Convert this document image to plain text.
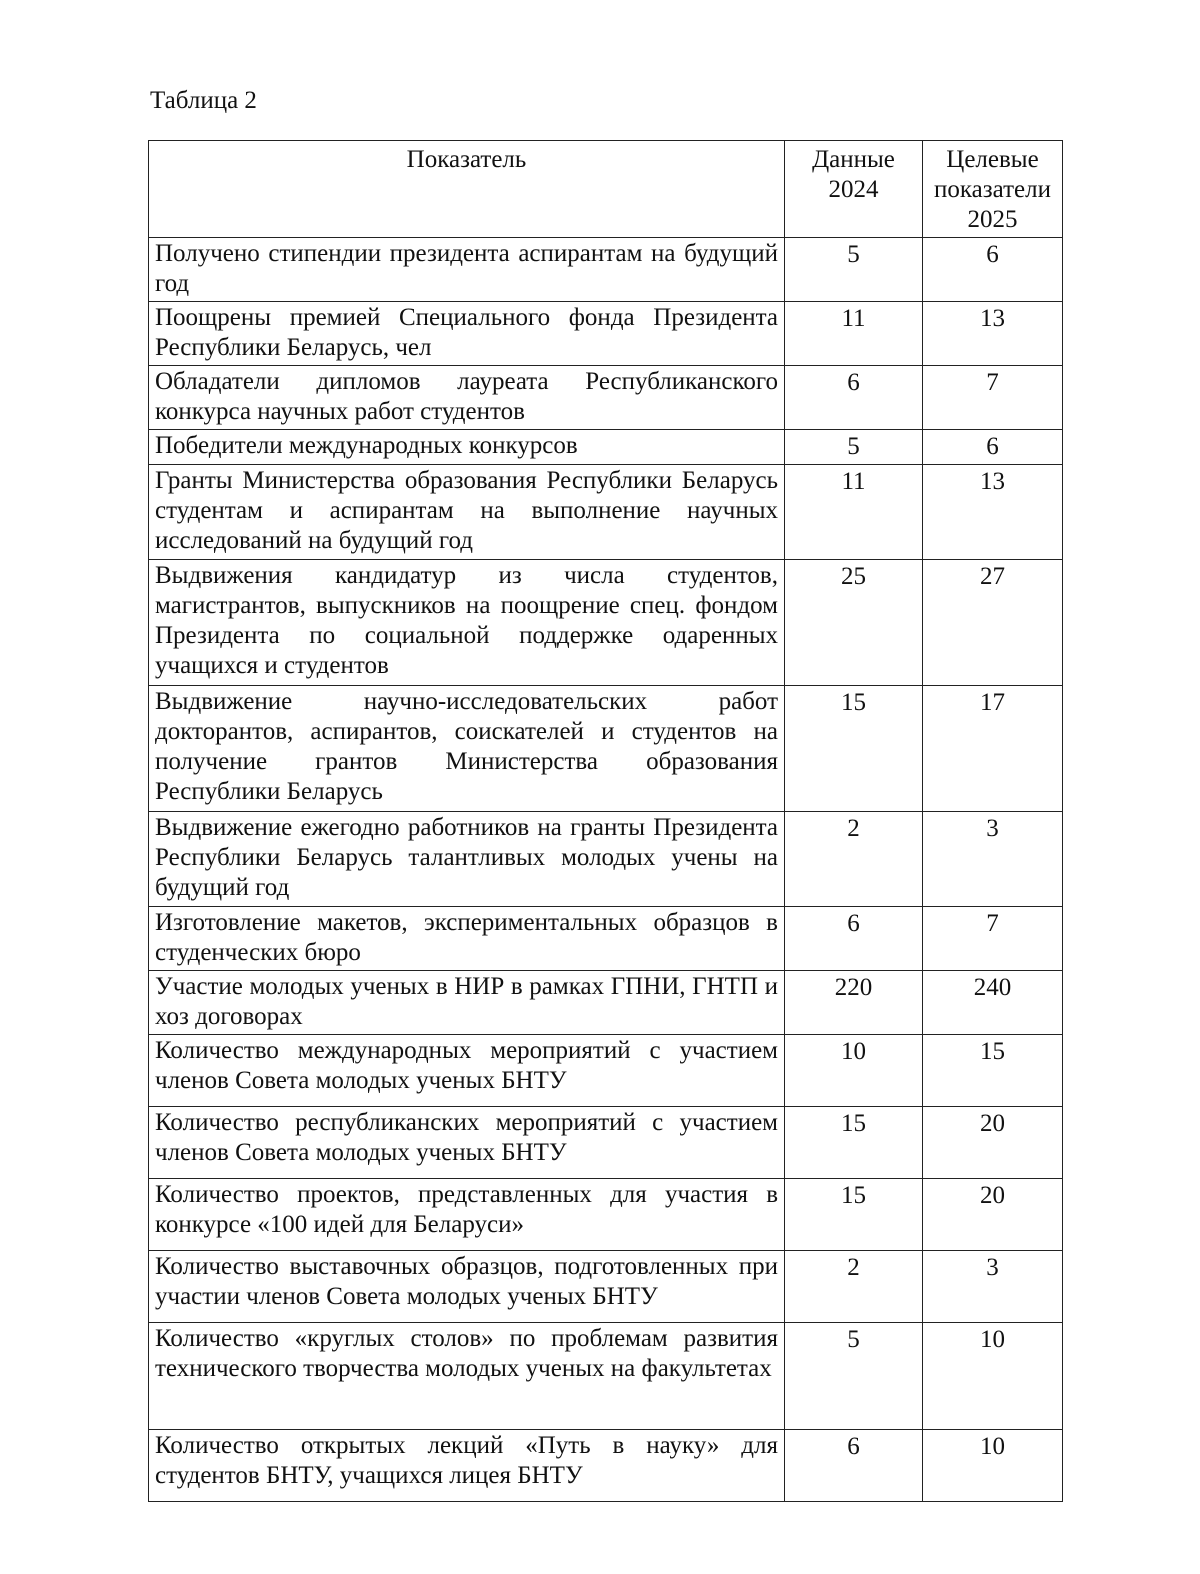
Таблица 2
Показатель	Данные 2024	Целевые показатели 2025
Получено стипендии президента аспирантам на будущий год	5	6
Поощрены премией Специального фонда Президента Республики Беларусь, чел	11	13
Обладатели дипломов лауреата Республиканского конкурса научных работ студентов	6	7
Победители международных конкурсов	5	6
Гранты Министерства образования Республики Беларусь студентам и аспирантам на выполнение научных исследований на будущий год	11	13
Выдвижения кандидатур из числа студентов, магистрантов, выпускников на поощрение спец. фондом Президента по социальной поддержке одаренных учащихся и студентов	25	27
Выдвижение научно-исследовательских работ докторантов, аспирантов, соискателей и студентов на получение грантов Министерства образования Республики Беларусь	15	17
Выдвижение ежегодно работников на гранты Президента Республики Беларусь талантливых молодых учены на будущий год	2	3
Изготовление макетов, экспериментальных образцов в студенческих бюро	6	7
Участие молодых ученых в НИР в рамках ГПНИ, ГНТП и хоз договорах	220	240
Количество международных мероприятий с участием членов Совета молодых ученых БНТУ	10	15
Количество республиканских мероприятий с участием членов Совета молодых ученых БНТУ	15	20
Количество проектов, представленных для участия в конкурсе «100 идей для Беларуси»	15	20
Количество выставочных образцов, подготовленных при участии членов Совета молодых ученых БНТУ	2	3
Количество «круглых столов» по проблемам развития технического творчества молодых ученых на факультетах	5	10
Количество открытых лекций «Путь в науку» для студентов БНТУ, учащихся лицея БНТУ	6	10
